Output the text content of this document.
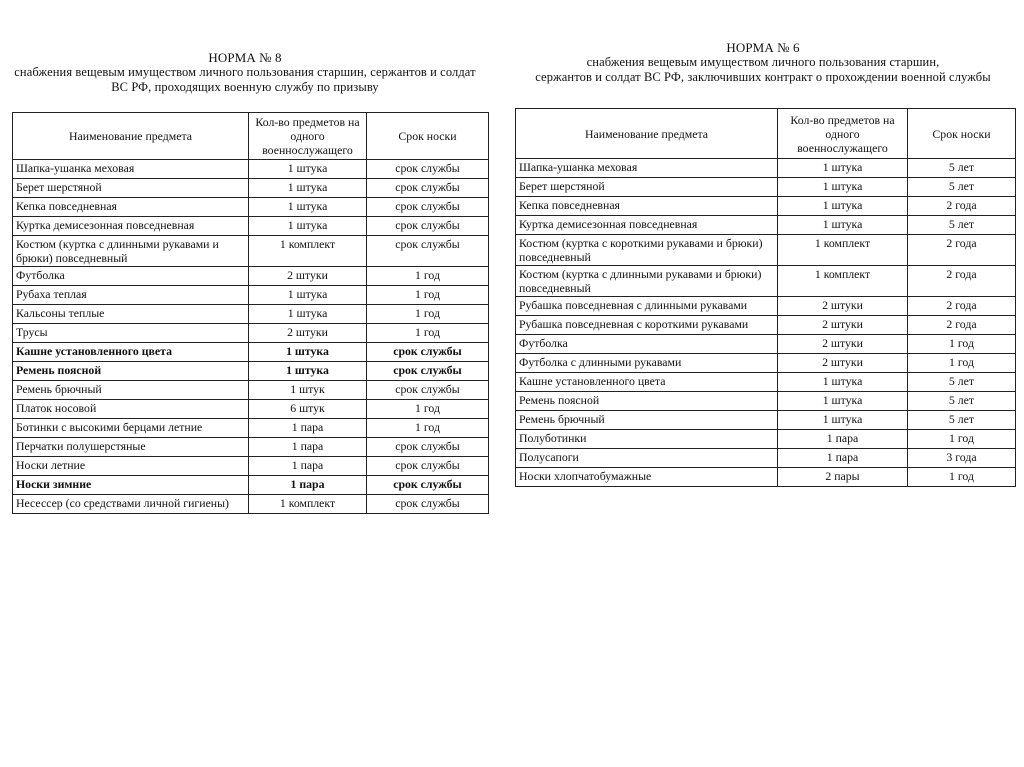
НОРМА № 8
снабжения вещевым имуществом личного пользования старшин, сержантов и солдат
ВС РФ, проходящих военную службу по призыву
Наименование предмета	Кол-во предметов на одного военнослужащего	Срок носки
Шапка-ушанка меховая	1 штука	срок службы
Берет шерстяной	1 штука	срок службы
Кепка повседневная	1 штука	срок службы
Куртка демисезонная повседневная	1 штука	срок службы
Костюм (куртка с длинными рукавами и брюки) повседневный	1 комплект	срок службы
Футболка	2 штуки	1 год
Рубаха теплая	1 штука	1 год
Кальсоны теплые	1 штука	1 год
Трусы	2 штуки	1 год
Кашне установленного цвета	1 штука	срок службы
Ремень поясной	1 штука	срок службы
Ремень брючный	1 штук	срок службы
Платок носовой	6 штук	1 год
Ботинки с высокими берцами летние	1 пара	1 год
Перчатки полушерстяные	1 пара	срок службы
Носки летние	1 пара	срок службы
Носки зимние	1 пара	срок службы
Несессер (со средствами личной гигиены)	1 комплект	срок службы
НОРМА № 6
снабжения вещевым имуществом личного пользования старшин,
сержантов и солдат ВС РФ, заключивших контракт о прохождении военной службы
Наименование предмета	Кол-во предметов на одного военнослужащего	Срок носки
Шапка-ушанка меховая	1 штука	5 лет
Берет шерстяной	1 штука	5 лет
Кепка повседневная	1 штука	2 года
Куртка демисезонная повседневная	1 штука	5 лет
Костюм (куртка с короткими рукавами и брюки) повседневный	1 комплект	2 года
Костюм (куртка с длинными рукавами и брюки) повседневный	1 комплект	2 года
Рубашка повседневная с длинными рукавами	2 штуки	2 года
Рубашка повседневная с короткими рукавами	2 штуки	2 года
Футболка	2 штуки	1 год
Футболка с длинными рукавами	2 штуки	1 год
Кашне установленного цвета	1 штука	5 лет
Ремень поясной	1 штука	5 лет
Ремень брючный	1 штука	5 лет
Полуботинки	1 пара	1 год
Полусапоги	1 пара	3 года
Носки хлопчатобумажные	2 пары	1 год
